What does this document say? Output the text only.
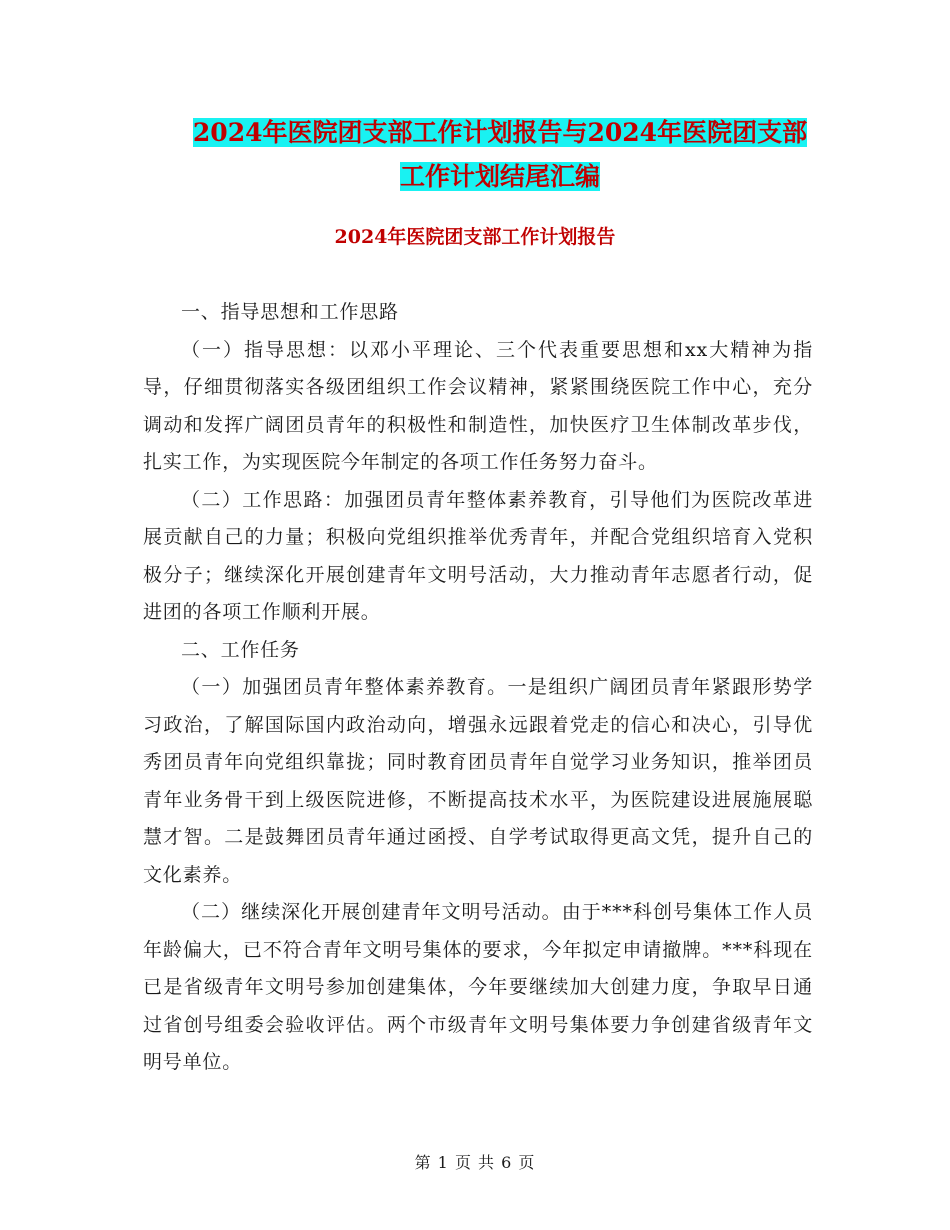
2024年医院团支部工作计划报告与2024年医院团支部
工作计划结尾汇编
2024年医院团支部工作计划报告

一、指导思想和工作思路

（一）指导思想：以邓小平理论、三个代表重要思想和xx大精神为指导，仔细贯彻落实各级团组织工作会议精神，紧紧围绕医院工作中心，充分调动和发挥广阔团员青年的积极性和制造性，加快医疗卫生体制改革步伐，扎实工作，为实现医院今年制定的各项工作任务努力奋斗。

（二）工作思路：加强团员青年整体素养教育，引导他们为医院改革进展贡献自己的力量；积极向党组织推举优秀青年，并配合党组织培育入党积极分子；继续深化开展创建青年文明号活动，大力推动青年志愿者行动，促进团的各项工作顺利开展。

二、工作任务

（一）加强团员青年整体素养教育。一是组织广阔团员青年紧跟形势学习政治，了解国际国内政治动向，增强永远跟着党走的信心和决心，引导优秀团员青年向党组织靠拢；同时教育团员青年自觉学习业务知识，推举团员青年业务骨干到上级医院进修，不断提高技术水平，为医院建设进展施展聪慧才智。二是鼓舞团员青年通过函授、自学考试取得更高文凭，提升自己的文化素养。

（二）继续深化开展创建青年文明号活动。由于***科创号集体工作人员年龄偏大，已不符合青年文明号集体的要求，今年拟定申请撤牌。***科现在已是省级青年文明号参加创建集体，今年要继续加大创建力度，争取早日通过省创号组委会验收评估。两个市级青年文明号集体要力争创建省级青年文明号单位。

第 1 页 共 6 页
